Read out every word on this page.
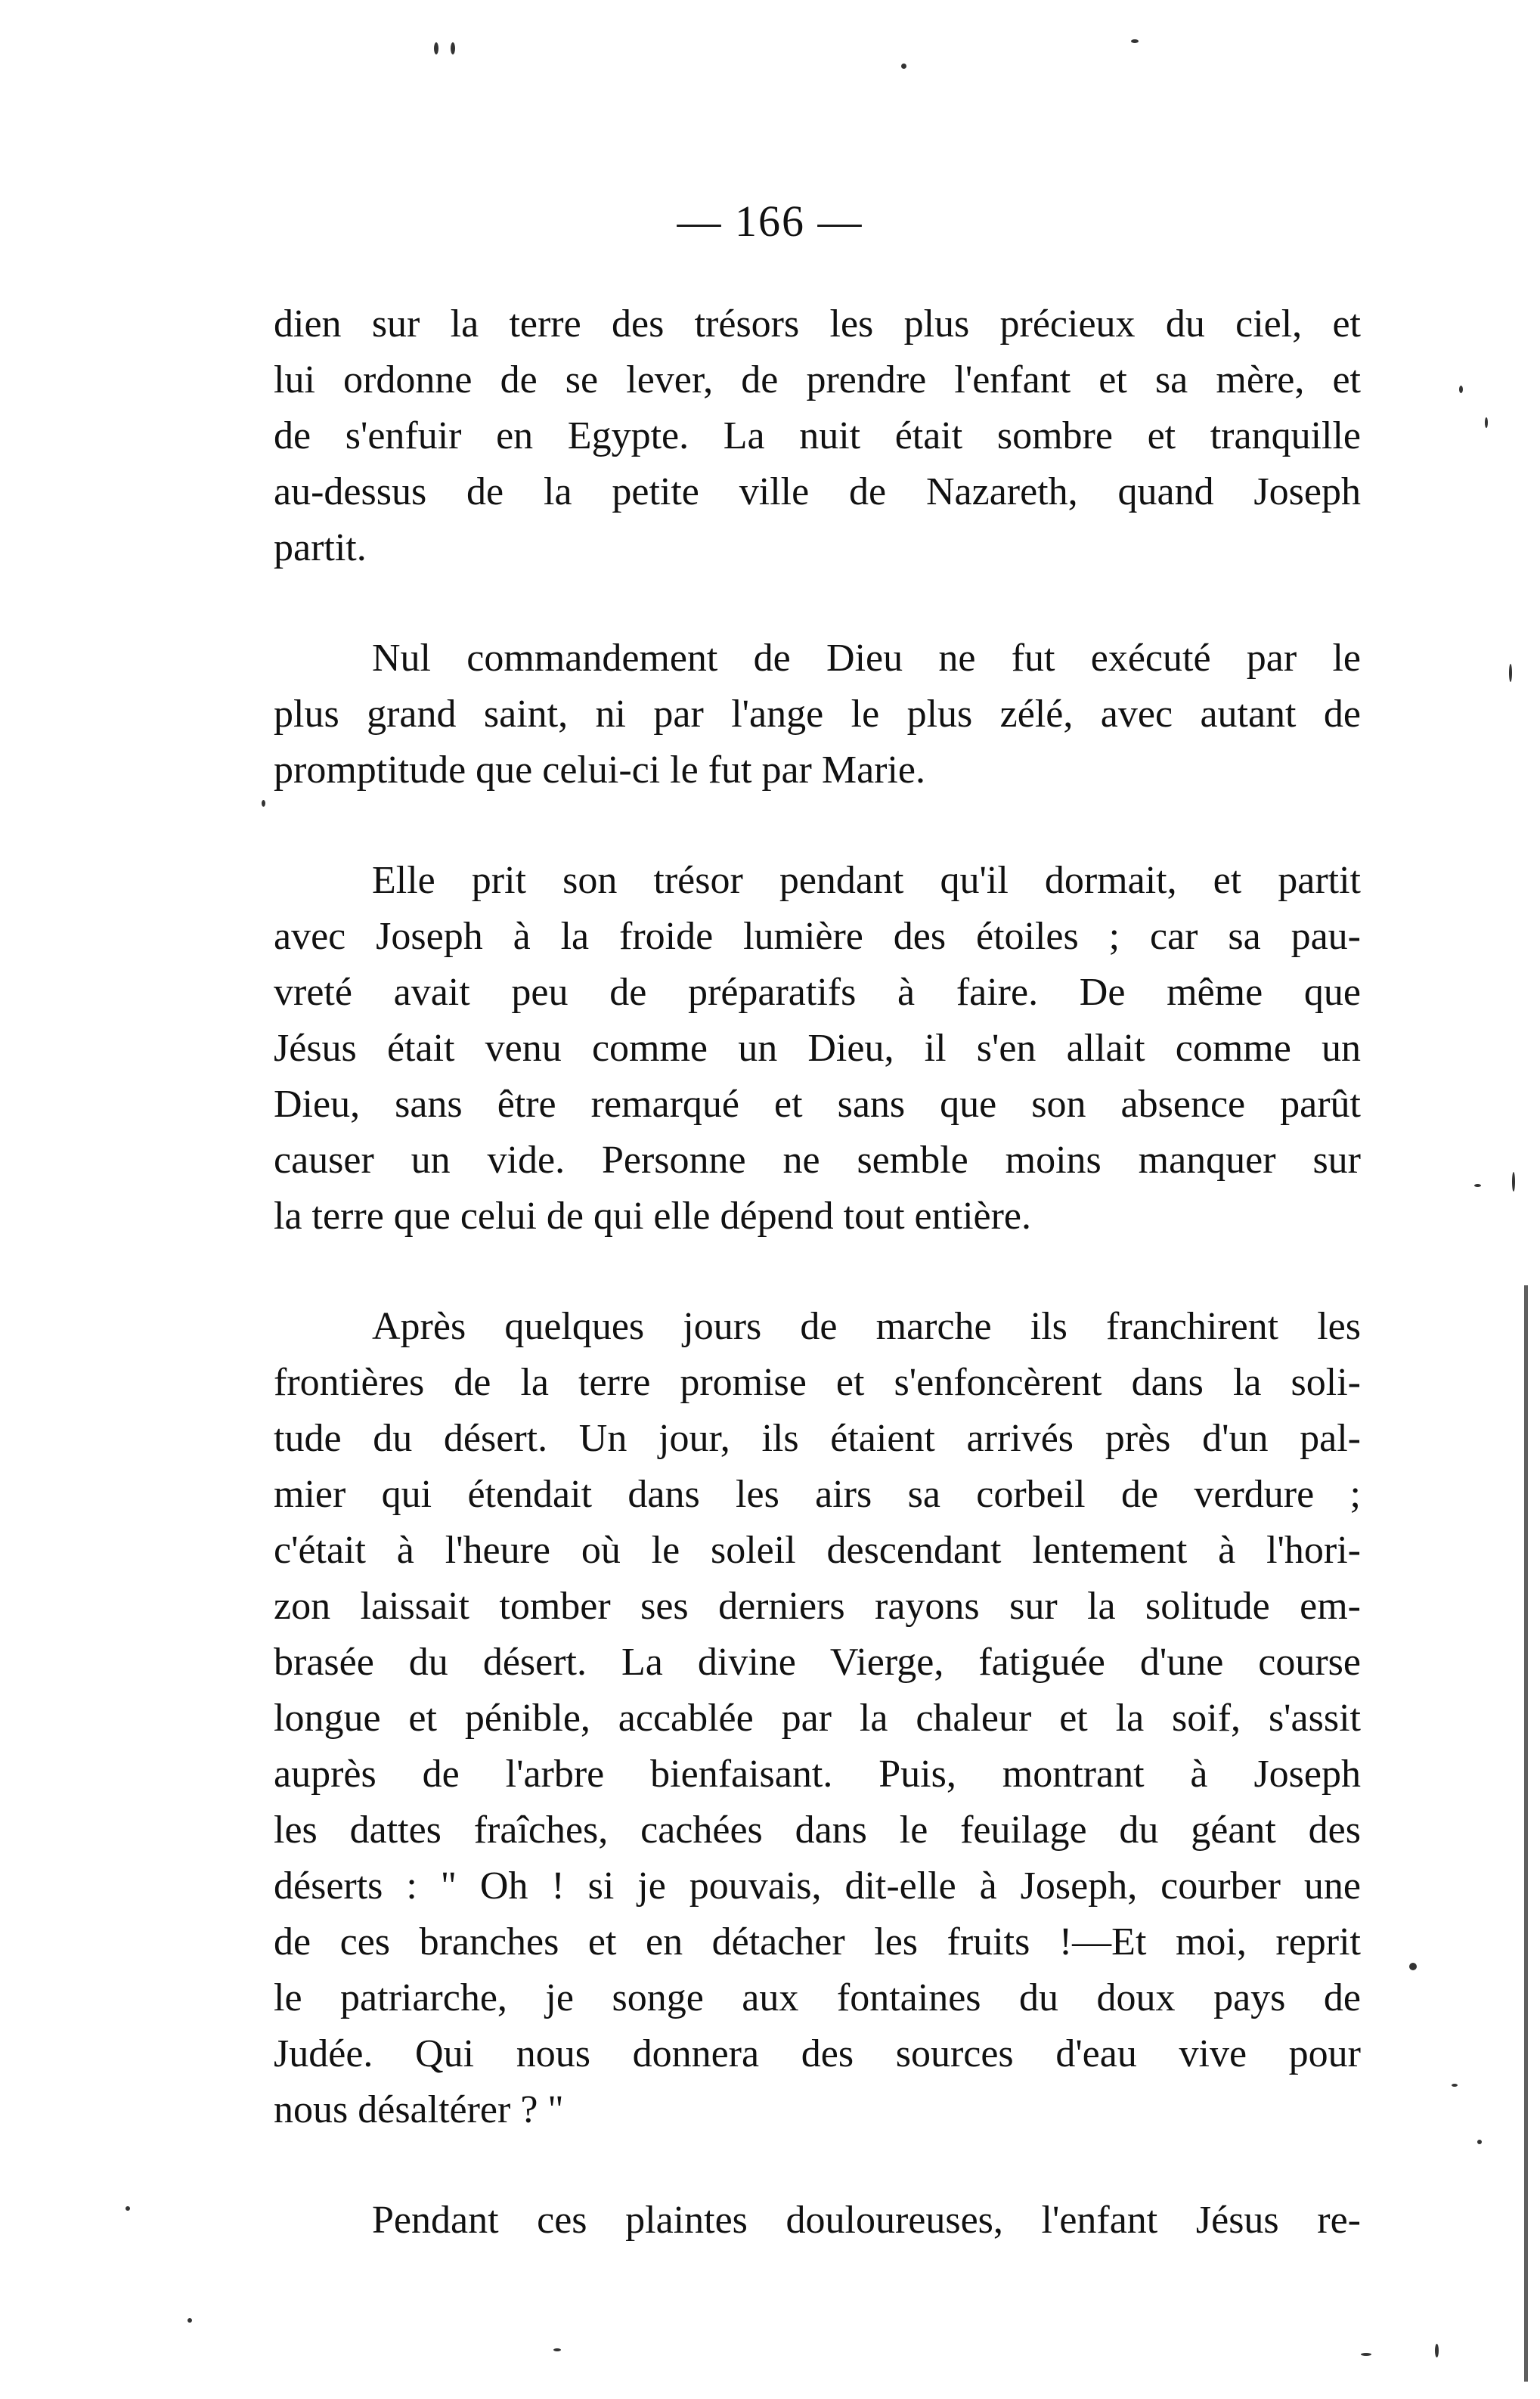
— 166 —
dien sur la terre des trésors les plus précieux du ciel, et
lui ordonne de se lever, de prendre l'enfant et sa mère, et
de s'enfuir en Egypte. La nuit était sombre et tranquille
au-dessus de la petite ville de Nazareth, quand Joseph
partit.
Nul commandement de Dieu ne fut exécuté par le
plus grand saint, ni par l'ange le plus zélé, avec autant de
promptitude que celui-ci le fut par Marie.
Elle prit son trésor pendant qu'il dormait, et partit
avec Joseph à la froide lumière des étoiles ; car sa pau-
vreté avait peu de préparatifs à faire. De même que
Jésus était venu comme un Dieu, il s'en allait comme un
Dieu, sans être remarqué et sans que son absence parût
causer un vide. Personne ne semble moins manquer sur
la terre que celui de qui elle dépend tout entière.
Après quelques jours de marche ils franchirent les
frontières de la terre promise et s'enfoncèrent dans la soli-
tude du désert. Un jour, ils étaient arrivés près d'un pal-
mier qui étendait dans les airs sa corbeil de verdure ;
c'était à l'heure où le soleil descendant lentement à l'hori-
zon laissait tomber ses derniers rayons sur la solitude em-
brasée du désert. La divine Vierge, fatiguée d'une course
longue et pénible, accablée par la chaleur et la soif, s'assit
auprès de l'arbre bienfaisant. Puis, montrant à Joseph
les dattes fraîches, cachées dans le feuilage du géant des
déserts : " Oh ! si je pouvais, dit-elle à Joseph, courber une
de ces branches et en détacher les fruits !—Et moi, reprit
le patriarche, je songe aux fontaines du doux pays de
Judée. Qui nous donnera des sources d'eau vive pour
nous désaltérer ? "
Pendant ces plaintes douloureuses, l'enfant Jésus re-
